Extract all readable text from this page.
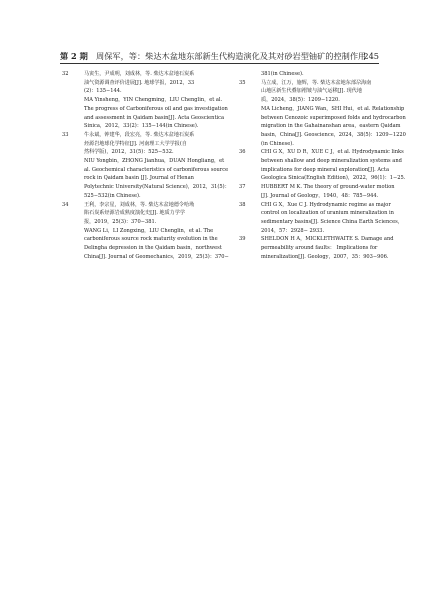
第 2 期 周保军，等：柴达木盆地东部新生代构造演化及其对砂岩型铀矿的控制作用
245
32	马寅生，尹成明，刘成林，等. 柴达木盆地石炭系
油气资源调查评价进展[J]. 地球学报，2012，33
(2)：135−144.
MA Yinsheng，YIN Chengming，LIU Chenglin，et al.
The progress of Carboniferous oil and gas investigation
and assessment in Qaidam basin[J]. Acta Geoscientica
Sinica，2012，33(2)：135−144(in Chinese).
33	牛永斌，钟建华，段宏亮，等. 柴达木盆地石炭系
烃源岩地球化学特征[J]. 河南理工大学学报(自
然科学版)，2012，31(5)：525−532.
NIU Yongbin，ZHONG Jianhua，DUAN Hongliang，et
al. Geochemical characteristics of carboniferous source
rock in Qaidam basin [J]. Journal of Henan
Polytechnic University(Natural Science)，2012，31(5)：
525−532(in Chinese).
34	王利，李宗星，刘成林，等. 柴达木盆地德令哈坳
陷石炭系烃源岩成熟度演化史[J]. 地质力学学
报，2019，25(3)：370−381.
WANG Li，LI Zongxing，LIU Chenglin，et al. The
carboniferous source rock maturity evolution in the
Delingha depression in the Qaidam basin，northwest
China[J]. Journal of Geomechanics，2019，25(3)：370−
381(in Chinese).
35	马立成，江万，施辉，等. 柴达木盆地东部尕海南
山地区新生代叠加褶皱与油气运移[J]. 现代地
质，2024，38(5)：1209−1220.
MA Licheng，JIANG Wan，SHI Hui，et al. Relationship
between Cenozoic superimposed folds and hydrocarbon
migration in the Gahainanshan area，eastern Qaidam
basin，China[J]. Geoscience，2024，38(5)：1209−1220
(in Chinese).
36	CHI G X，XU D R，XUE C J，et al. Hydrodynamic links
between shallow and deep mineralization systems and
implications for deep mineral exploration[J]. Acta
Geologica Sinica(English Edition)，2022，96(1)：1−25.
37	HUBBERT M K. The theory of ground-water motion
[J]. Journal of Geology，1940，48：785−944.
38	CHI G X，Xue C J. Hydrodynamic regime as major
control on localization of uranium mineralization in
sedimentary basins[J]. Science China Earth Sciences，
2014，57：2928− 2933.
39	SHELDON H A，MICKLETHWAITE S. Damage and
permeability around faults： Implications for
mineralization[J]. Geology，2007，35：903−906.
